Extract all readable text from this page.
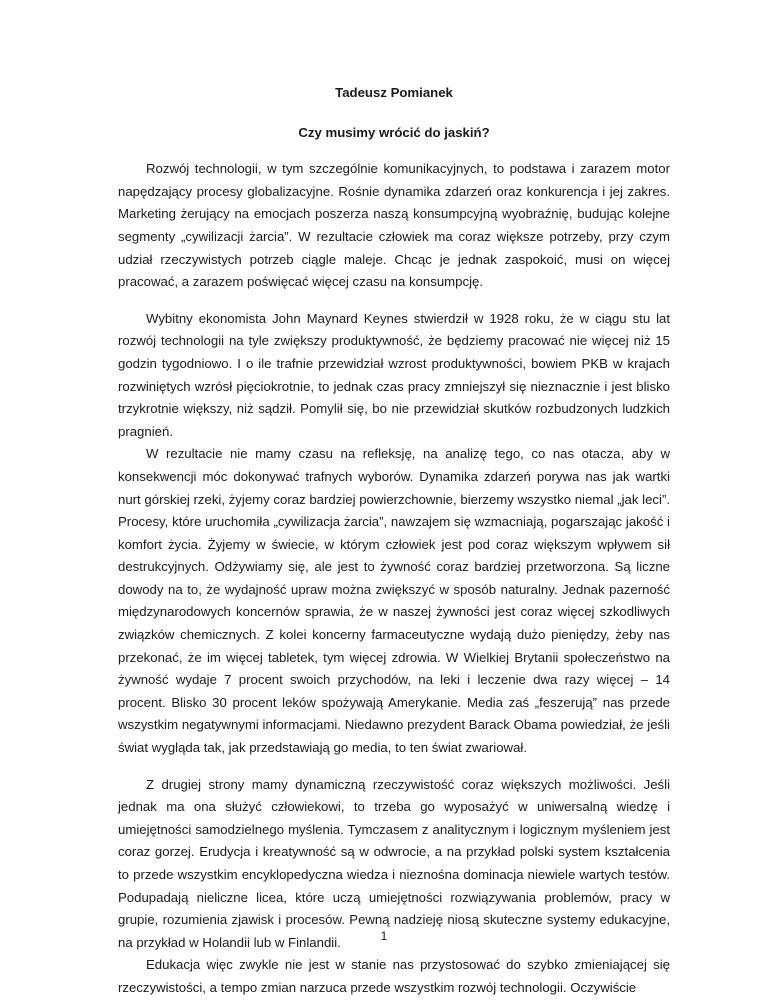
Tadeusz Pomianek

Czy musimy wrócić do jaskiń?

Rozwój technologii, w tym szczególnie komunikacyjnych, to podstawa i zarazem motor napędzający procesy globalizacyjne. Rośnie dynamika zdarzeń oraz konkurencja i jej zakres. Marketing żerujący na emocjach poszerza naszą konsumpcyjną wyobraźnię, budując kolejne segmenty „cywilizacji żarcia”. W rezultacie człowiek ma coraz większe potrzeby, przy czym udział rzeczywistych potrzeb ciągle maleje. Chcąc je jednak zaspokoić, musi on więcej pracować, a zarazem poświęcać więcej czasu na konsumpcję.

Wybitny ekonomista John Maynard Keynes stwierdził w 1928 roku, że w ciągu stu lat rozwój technologii na tyle zwiększy produktywność, że będziemy pracować nie więcej niż 15 godzin tygodniowo. I o ile trafnie przewidział wzrost produktywności, bowiem PKB w krajach rozwiniętych wzrósł pięciokrotnie, to jednak czas pracy zmniejszył się nieznacznie i jest blisko trzykrotnie większy, niż sądził. Pomylił się, bo nie przewidział skutków rozbudzonych ludzkich pragnień.

W rezultacie nie mamy czasu na refleksję, na analizę tego, co nas otacza, aby w konsekwencji móc dokonywać trafnych wyborów. Dynamika zdarzeń porywa nas jak wartki nurt górskiej rzeki, żyjemy coraz bardziej powierzchownie, bierzemy wszystko niemal „jak leci”. Procesy, które uruchomiła „cywilizacja żarcia”, nawzajem się wzmacniają, pogarszając jakość i komfort życia. Żyjemy w świecie, w którym człowiek jest pod coraz większym wpływem sił destrukcyjnych. Odżywiamy się, ale jest to żywność coraz bardziej przetworzona. Są liczne dowody na to, że wydajność upraw można zwiększyć w sposób naturalny. Jednak pazerność międzynarodowych koncernów sprawia, że w naszej żywności jest coraz więcej szkodliwych związków chemicznych. Z kolei koncerny farmaceutyczne wydają dużo pieniędzy, żeby nas przekonać, że im więcej tabletek, tym więcej zdrowia. W Wielkiej Brytanii społeczeństwo na żywność wydaje 7 procent swoich przychodów, na leki i leczenie dwa razy więcej – 14 procent. Blisko 30 procent leków spożywają Amerykanie. Media zaś „feszerują” nas przede wszystkim negatywnymi informacjami. Niedawno prezydent Barack Obama powiedział, że jeśli świat wygląda tak, jak przedstawiają go media, to ten świat zwariował.

Z drugiej strony mamy dynamiczną rzeczywistość coraz większych możliwości. Jeśli jednak ma ona służyć człowiekowi, to trzeba go wyposażyć w uniwersalną wiedzę i umiejętności samodzielnego myślenia. Tymczasem z analitycznym i logicznym myśleniem jest coraz gorzej. Erudycja i kreatywność są w odwrocie, a na przykład polski system kształcenia to przede wszystkim encyklopedyczna wiedza i nieznośna dominacja niewiele wartych testów. Podupadają nieliczne licea, które uczą umiejętności rozwiązywania problemów, pracy w grupie, rozumienia zjawisk i procesów. Pewną nadzieję niosą skuteczne systemy edukacyjne, na przykład w Holandii lub w Finlandii.

Edukacja więc zwykle nie jest w stanie nas przystosować do szybko zmieniającej się rzeczywistości, a tempo zmian narzuca przede wszystkim rozwój technologii. Oczywiście

1
